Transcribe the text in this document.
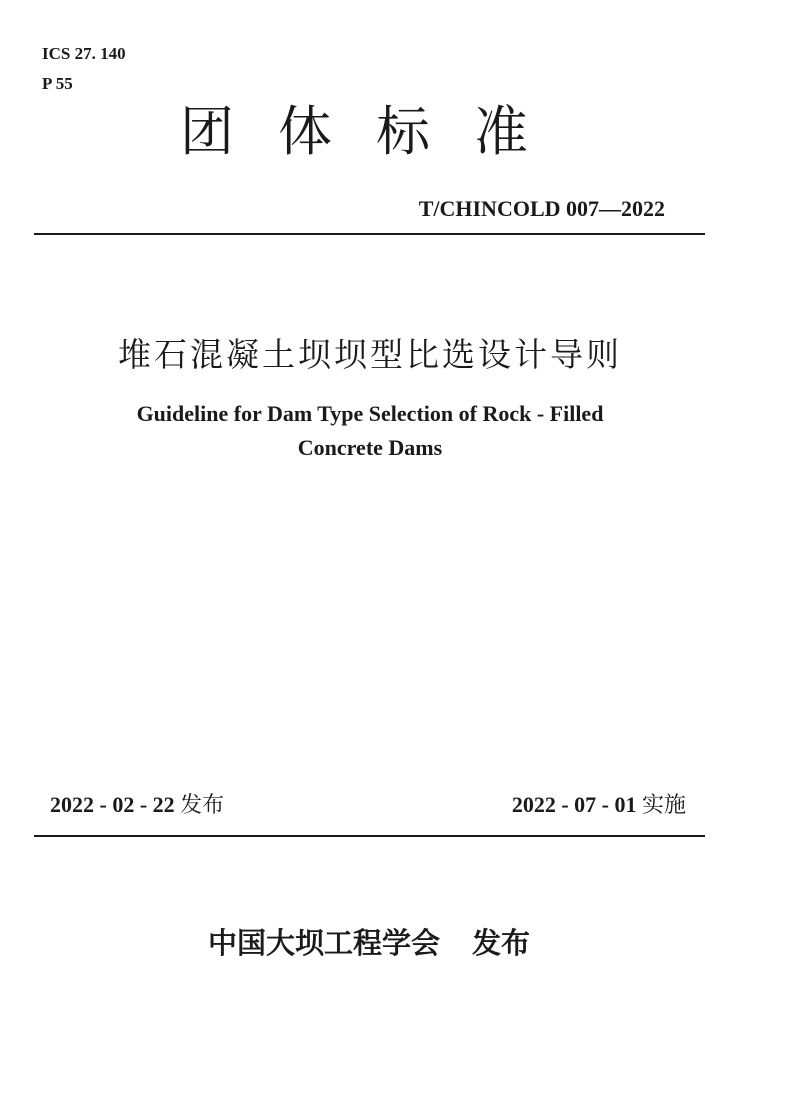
ICS 27. 140
P 55
团体标准
T/CHINCOLD 007—2022
堆石混凝土坝坝型比选设计导则
Guideline for Dam Type Selection of Rock - Filled
Concrete Dams
2022 - 02 - 22 发布	2022 - 07 - 01 实施
中国大坝工程学会 发布
